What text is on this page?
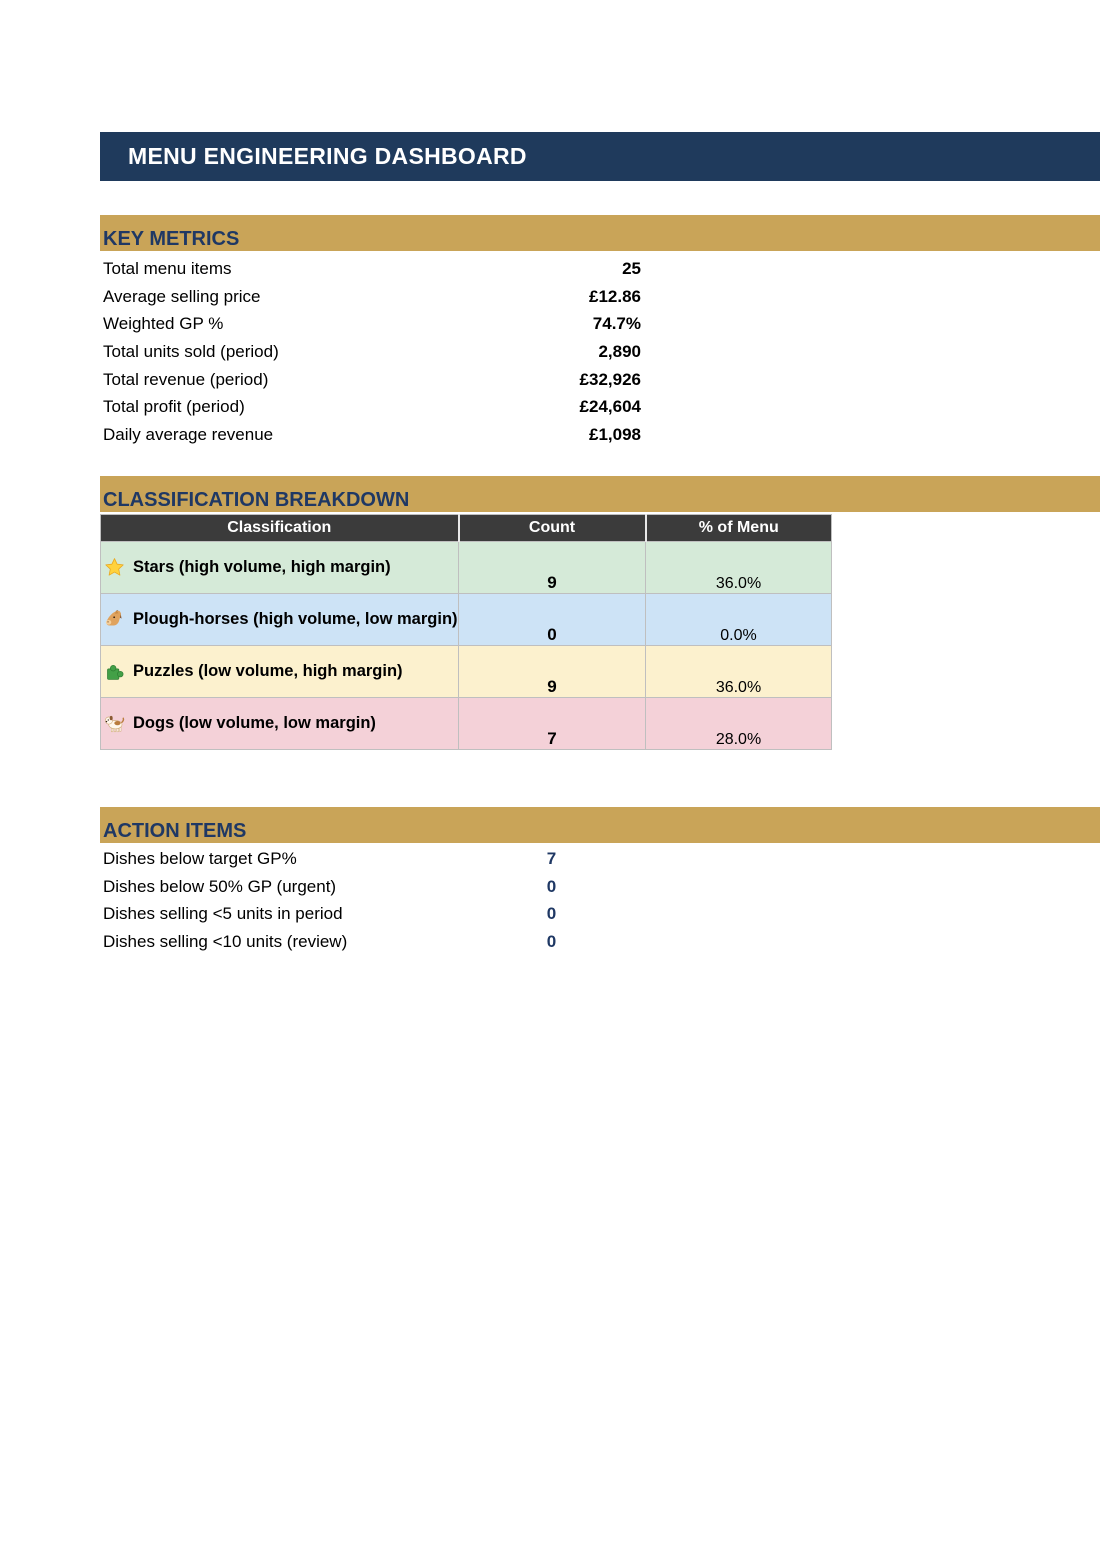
MENU ENGINEERING DASHBOARD
KEY METRICS
Total menu items	25
Average selling price	£12.86
Weighted GP %	74.7%
Total units sold (period)	2,890
Total revenue (period)	£32,926
Total profit (period)	£24,604
Daily average revenue	£1,098
CLASSIFICATION BREAKDOWN
Classification	Count	% of Menu

Stars (high volume, high margin)	9	36.0%

Plough-horses (high volume, low margin)	0	0.0%

Puzzles (low volume, high margin)	9	36.0%

Dogs (low volume, low margin)	7	28.0%
ACTION ITEMS
Dishes below target GP%	7
Dishes below 50% GP (urgent)	0
Dishes selling <5 units in period	0
Dishes selling <10 units (review)	0
